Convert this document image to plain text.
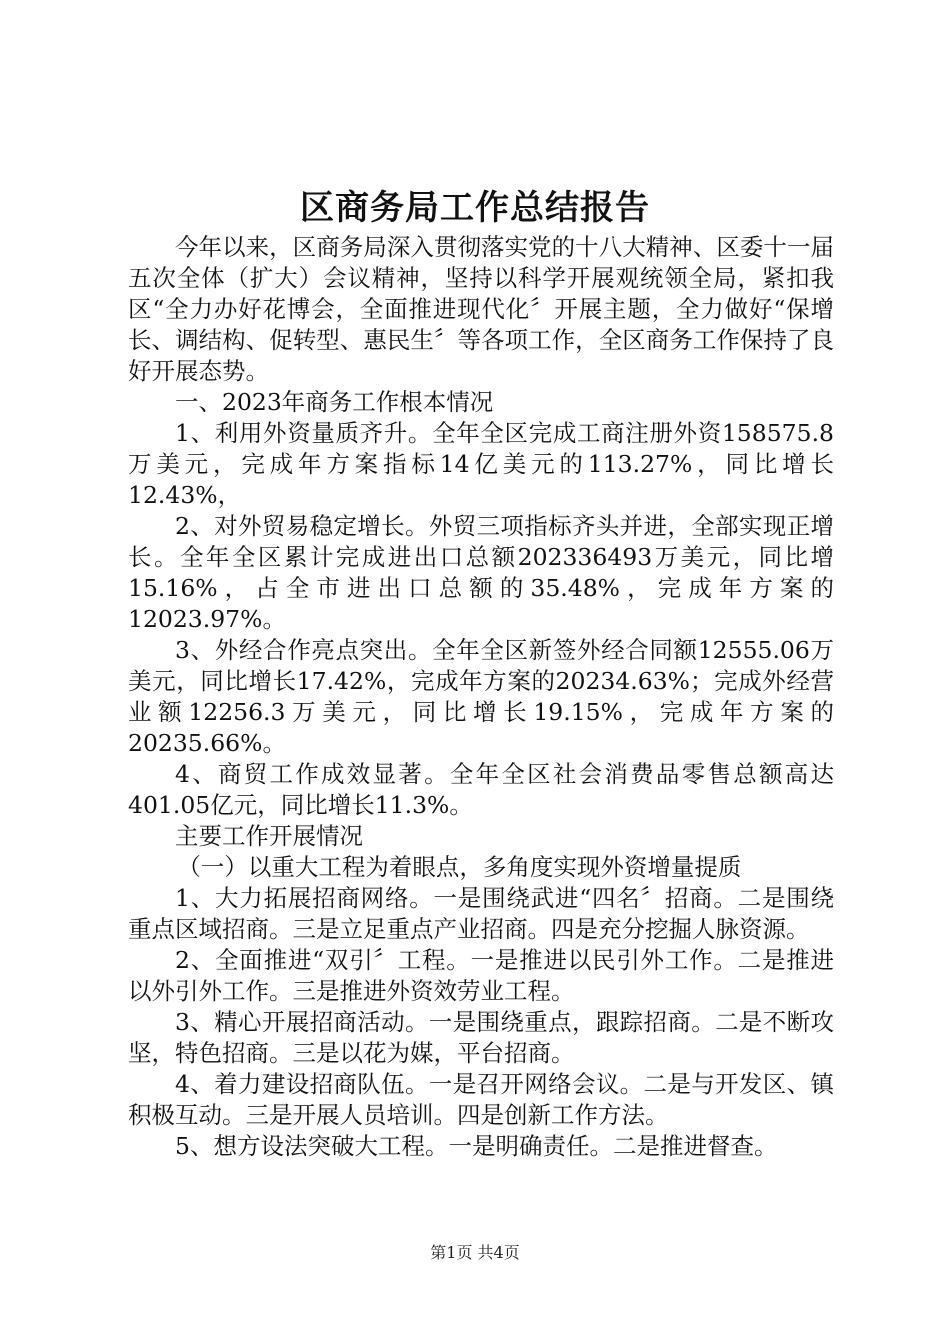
区商务局工作总结报告

今年以来，区商务局深入贯彻落实党的十八大精神、区委十一届五次全体（扩大）会议精神，坚持以科学开展观统领全局，紧扣我区“全力办好花博会，全面推进现代化〞开展主题，全力做好“保增长、调结构、促转型、惠民生〞等各项工作，全区商务工作保持了良好开展态势。

一、2023年商务工作根本情况

1、利用外资量质齐升。全年全区完成工商注册外资158575.8万美元，完成年方案指标14亿美元的113.27%，同比增长12.43%，

2、对外贸易稳定增长。外贸三项指标齐头并进，全部实现正增长。全年全区累计完成进出口总额202336493万美元，同比增15.16%，占全市进出口总额的35.48%，完成年方案的12023.97%。

3、外经合作亮点突出。全年全区新签外经合同额12555.06万美元，同比增长17.42%，完成年方案的20234.63%；完成外经营业额12256.3万美元，同比增长19.15%，完成年方案的20235.66%。

4、商贸工作成效显著。全年全区社会消费品零售总额高达401.05亿元，同比增长11.3%。

主要工作开展情况

（一）以重大工程为着眼点，多角度实现外资增量提质

1、大力拓展招商网络。一是围绕武进“四名〞招商。二是围绕重点区域招商。三是立足重点产业招商。四是充分挖掘人脉资源。

2、全面推进“双引〞工程。一是推进以民引外工作。二是推进以外引外工作。三是推进外资效劳业工程。

3、精心开展招商活动。一是围绕重点，跟踪招商。二是不断攻坚，特色招商。三是以花为媒，平台招商。

4、着力建设招商队伍。一是召开网络会议。二是与开发区、镇积极互动。三是开展人员培训。四是创新工作方法。

5、想方设法突破大工程。一是明确责任。二是推进督查。

第1页 共4页
